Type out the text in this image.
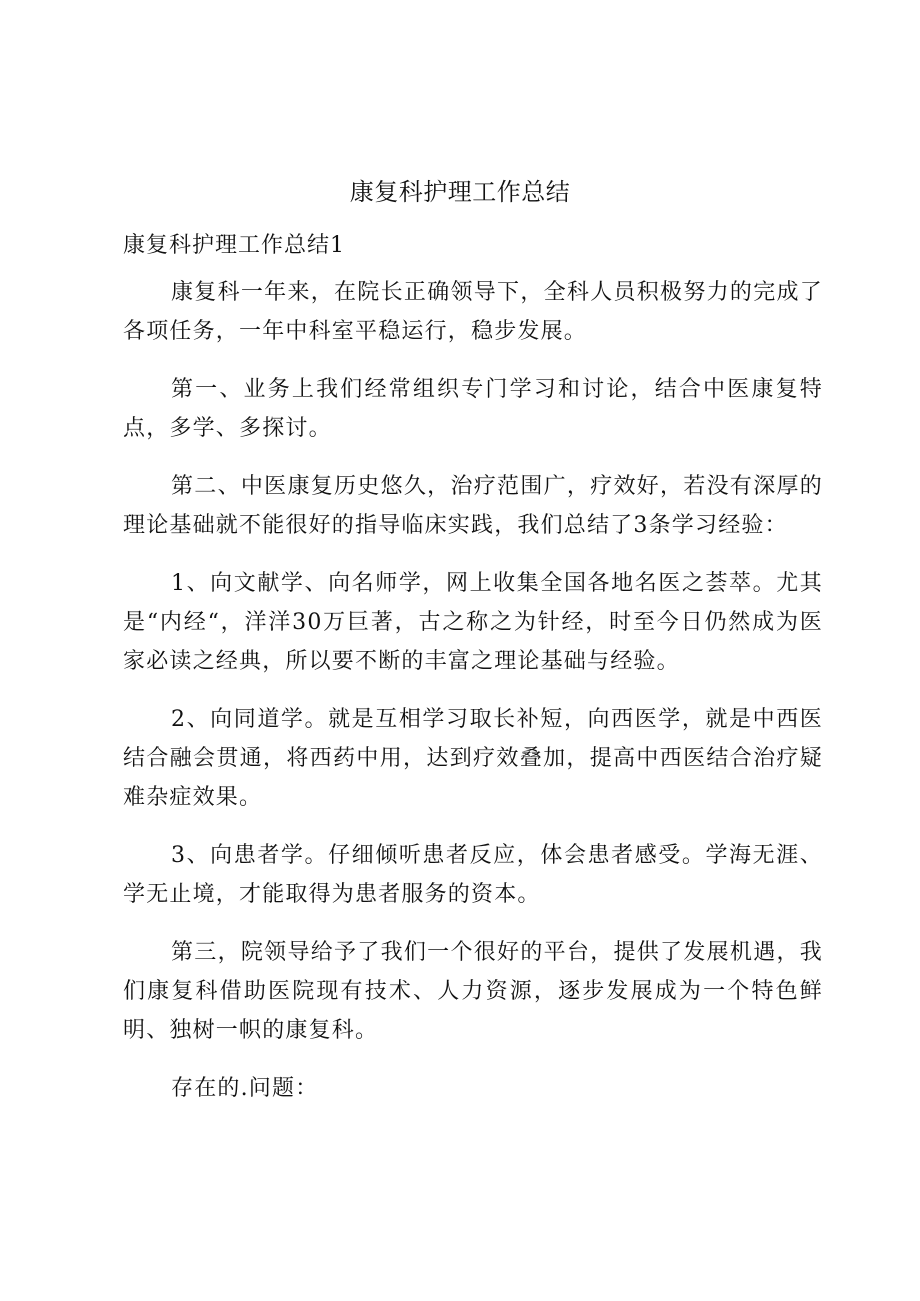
康复科护理工作总结
康复科护理工作总结1

康复科一年来，在院长正确领导下，全科人员积极努力的完成了各项任务，一年中科室平稳运行，稳步发展。

第一、业务上我们经常组织专门学习和讨论，结合中医康复特点，多学、多探讨。

第二、中医康复历史悠久，治疗范围广，疗效好，若没有深厚的理论基础就不能很好的指导临床实践，我们总结了3条学习经验：

1、向文献学、向名师学，网上收集全国各地名医之荟萃。尤其是“内经“，洋洋30万巨著，古之称之为针经，时至今日仍然成为医家必读之经典，所以要不断的丰富之理论基础与经验。

2、向同道学。就是互相学习取长补短，向西医学，就是中西医结合融会贯通，将西药中用，达到疗效叠加，提高中西医结合治疗疑难杂症效果。

3、向患者学。仔细倾听患者反应，体会患者感受。学海无涯、学无止境，才能取得为患者服务的资本。

第三，院领导给予了我们一个很好的平台，提供了发展机遇，我们康复科借助医院现有技术、人力资源，逐步发展成为一个特色鲜明、独树一帜的康复科。

存在的.问题：
